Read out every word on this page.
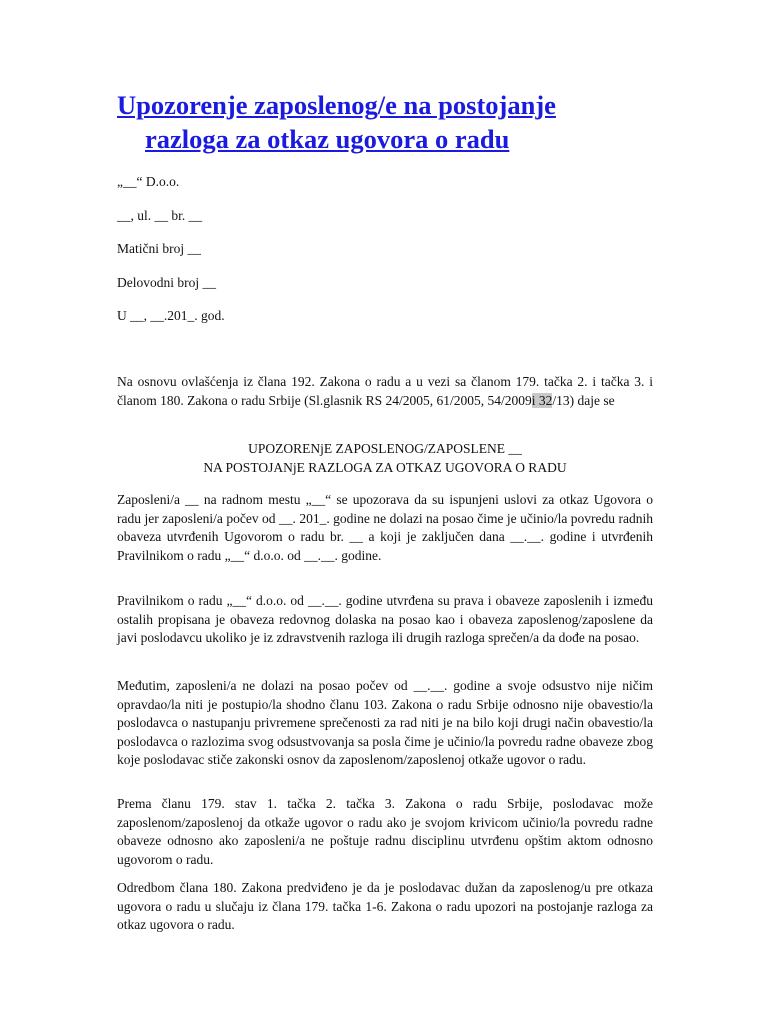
Upozorenje zaposlenog/e na postojanje
razloga za otkaz ugovora o radu

„__“ D.o.o.

__, ul. __ br. __

Matični broj __

Delovodni broj __

U __, __.201_. god.

Na osnovu ovlašćenja iz člana 192. Zakona o radu a u vezi sa članom 179. tačka 2. i tačka 3. i članom 180. Zakona o radu Srbije (Sl.glasnik RS 24/2005, 61/2005, 54/2009i 32/13) daje se

UPOZORENjE ZAPOSLENOG/ZAPOSLENE __
NA POSTOJANjE RAZLOGA ZA OTKAZ UGOVORA O RADU

Zaposleni/a __ na radnom mestu „__“ se upozorava da su ispunjeni uslovi za otkaz Ugovora o radu jer zaposleni/a počev od __. 201_. godine ne dolazi na posao čime je učinio/la povredu radnih obaveza utvrđenih Ugovorom o radu br. __ a koji je zaključen dana __.__. godine i utvrđenih Pravilnikom o radu „__“ d.o.o. od __.__. godine.

Pravilnikom o radu „__“ d.o.o. od __.__. godine utvrđena su prava i obaveze zaposlenih i između ostalih propisana je obaveza redovnog dolaska na posao kao i obaveza zaposlenog/zaposlene da javi poslodavcu ukoliko je iz zdravstvenih razloga ili drugih razloga sprečen/a da dođe na posao.

Međutim, zaposleni/a ne dolazi na posao počev od __.__. godine a svoje odsustvo nije ničim opravdao/la niti je postupio/la shodno članu 103. Zakona o radu Srbije odnosno nije obavestio/la poslodavca o nastupanju privremene sprečenosti za rad niti je na bilo koji drugi način obavestio/la poslodavca o razlozima svog odsustvovanja sa posla čime je učinio/la povredu radne obaveze zbog koje poslodavac stiče zakonski osnov da zaposlenom/zaposlenoj otkaže ugovor o radu.

Prema članu 179. stav 1. tačka 2. tačka 3. Zakona o radu Srbije, poslodavac može zaposlenom/zaposlenoj da otkaže ugovor o radu ako je svojom krivicom učinio/la povredu radne obaveze odnosno ako zaposleni/a ne poštuje radnu disciplinu utvrđenu opštim aktom odnosno ugovorom o radu.

Odredbom člana 180. Zakona predviđeno je da je poslodavac dužan da zaposlenog/u pre otkaza ugovora o radu u slučaju iz člana 179. tačka 1-6. Zakona o radu upozori na postojanje razloga za otkaz ugovora o radu.
